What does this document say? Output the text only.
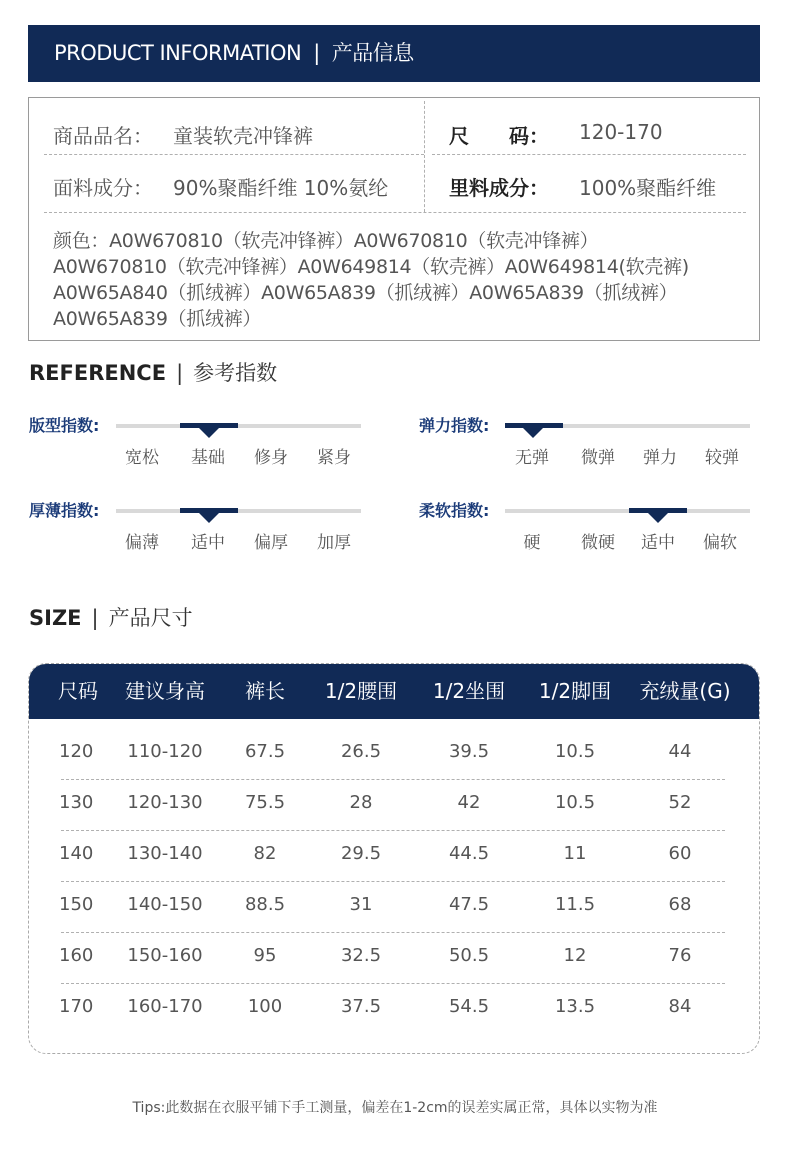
PRODUCT INFORMATION | 产品信息
商品品名： 童装软壳冲锋裤	尺　　码： 120-170
面料成分： 90%聚酯纤维 10%氨纶	里料成分： 100%聚酯纤维
颜色：A0W670810（软壳冲锋裤）A0W670810（软壳冲锋裤）
A0W670810（软壳冲锋裤）A0W649814（软壳裤）A0W649814(软壳裤)
A0W65A840（抓绒裤）A0W65A839（抓绒裤）A0W65A839（抓绒裤）
A0W65A839（抓绒裤）
REFERENCE | 参考指数
版型指数:
宽松	基础	修身	紧身
弹力指数:
无弹	微弹	弹力	较弹
厚薄指数:
偏薄	适中	偏厚	加厚
柔软指数:
硬	微硬	适中	偏软
SIZE | 产品尺寸
尺码	建议身高	裤长	1/2腰围	1/2坐围	1/2脚围	充绒量(G)
120	110-120	67.5	26.5	39.5	10.5	44
130	120-130	75.5	28	42	10.5	52
140	130-140	82	29.5	44.5	11	60
150	140-150	88.5	31	47.5	11.5	68
160	150-160	95	32.5	50.5	12	76
170	160-170	100	37.5	54.5	13.5	84
Tips:此数据在衣服平铺下手工测量，偏差在1-2cm的误差实属正常，具体以实物为准
